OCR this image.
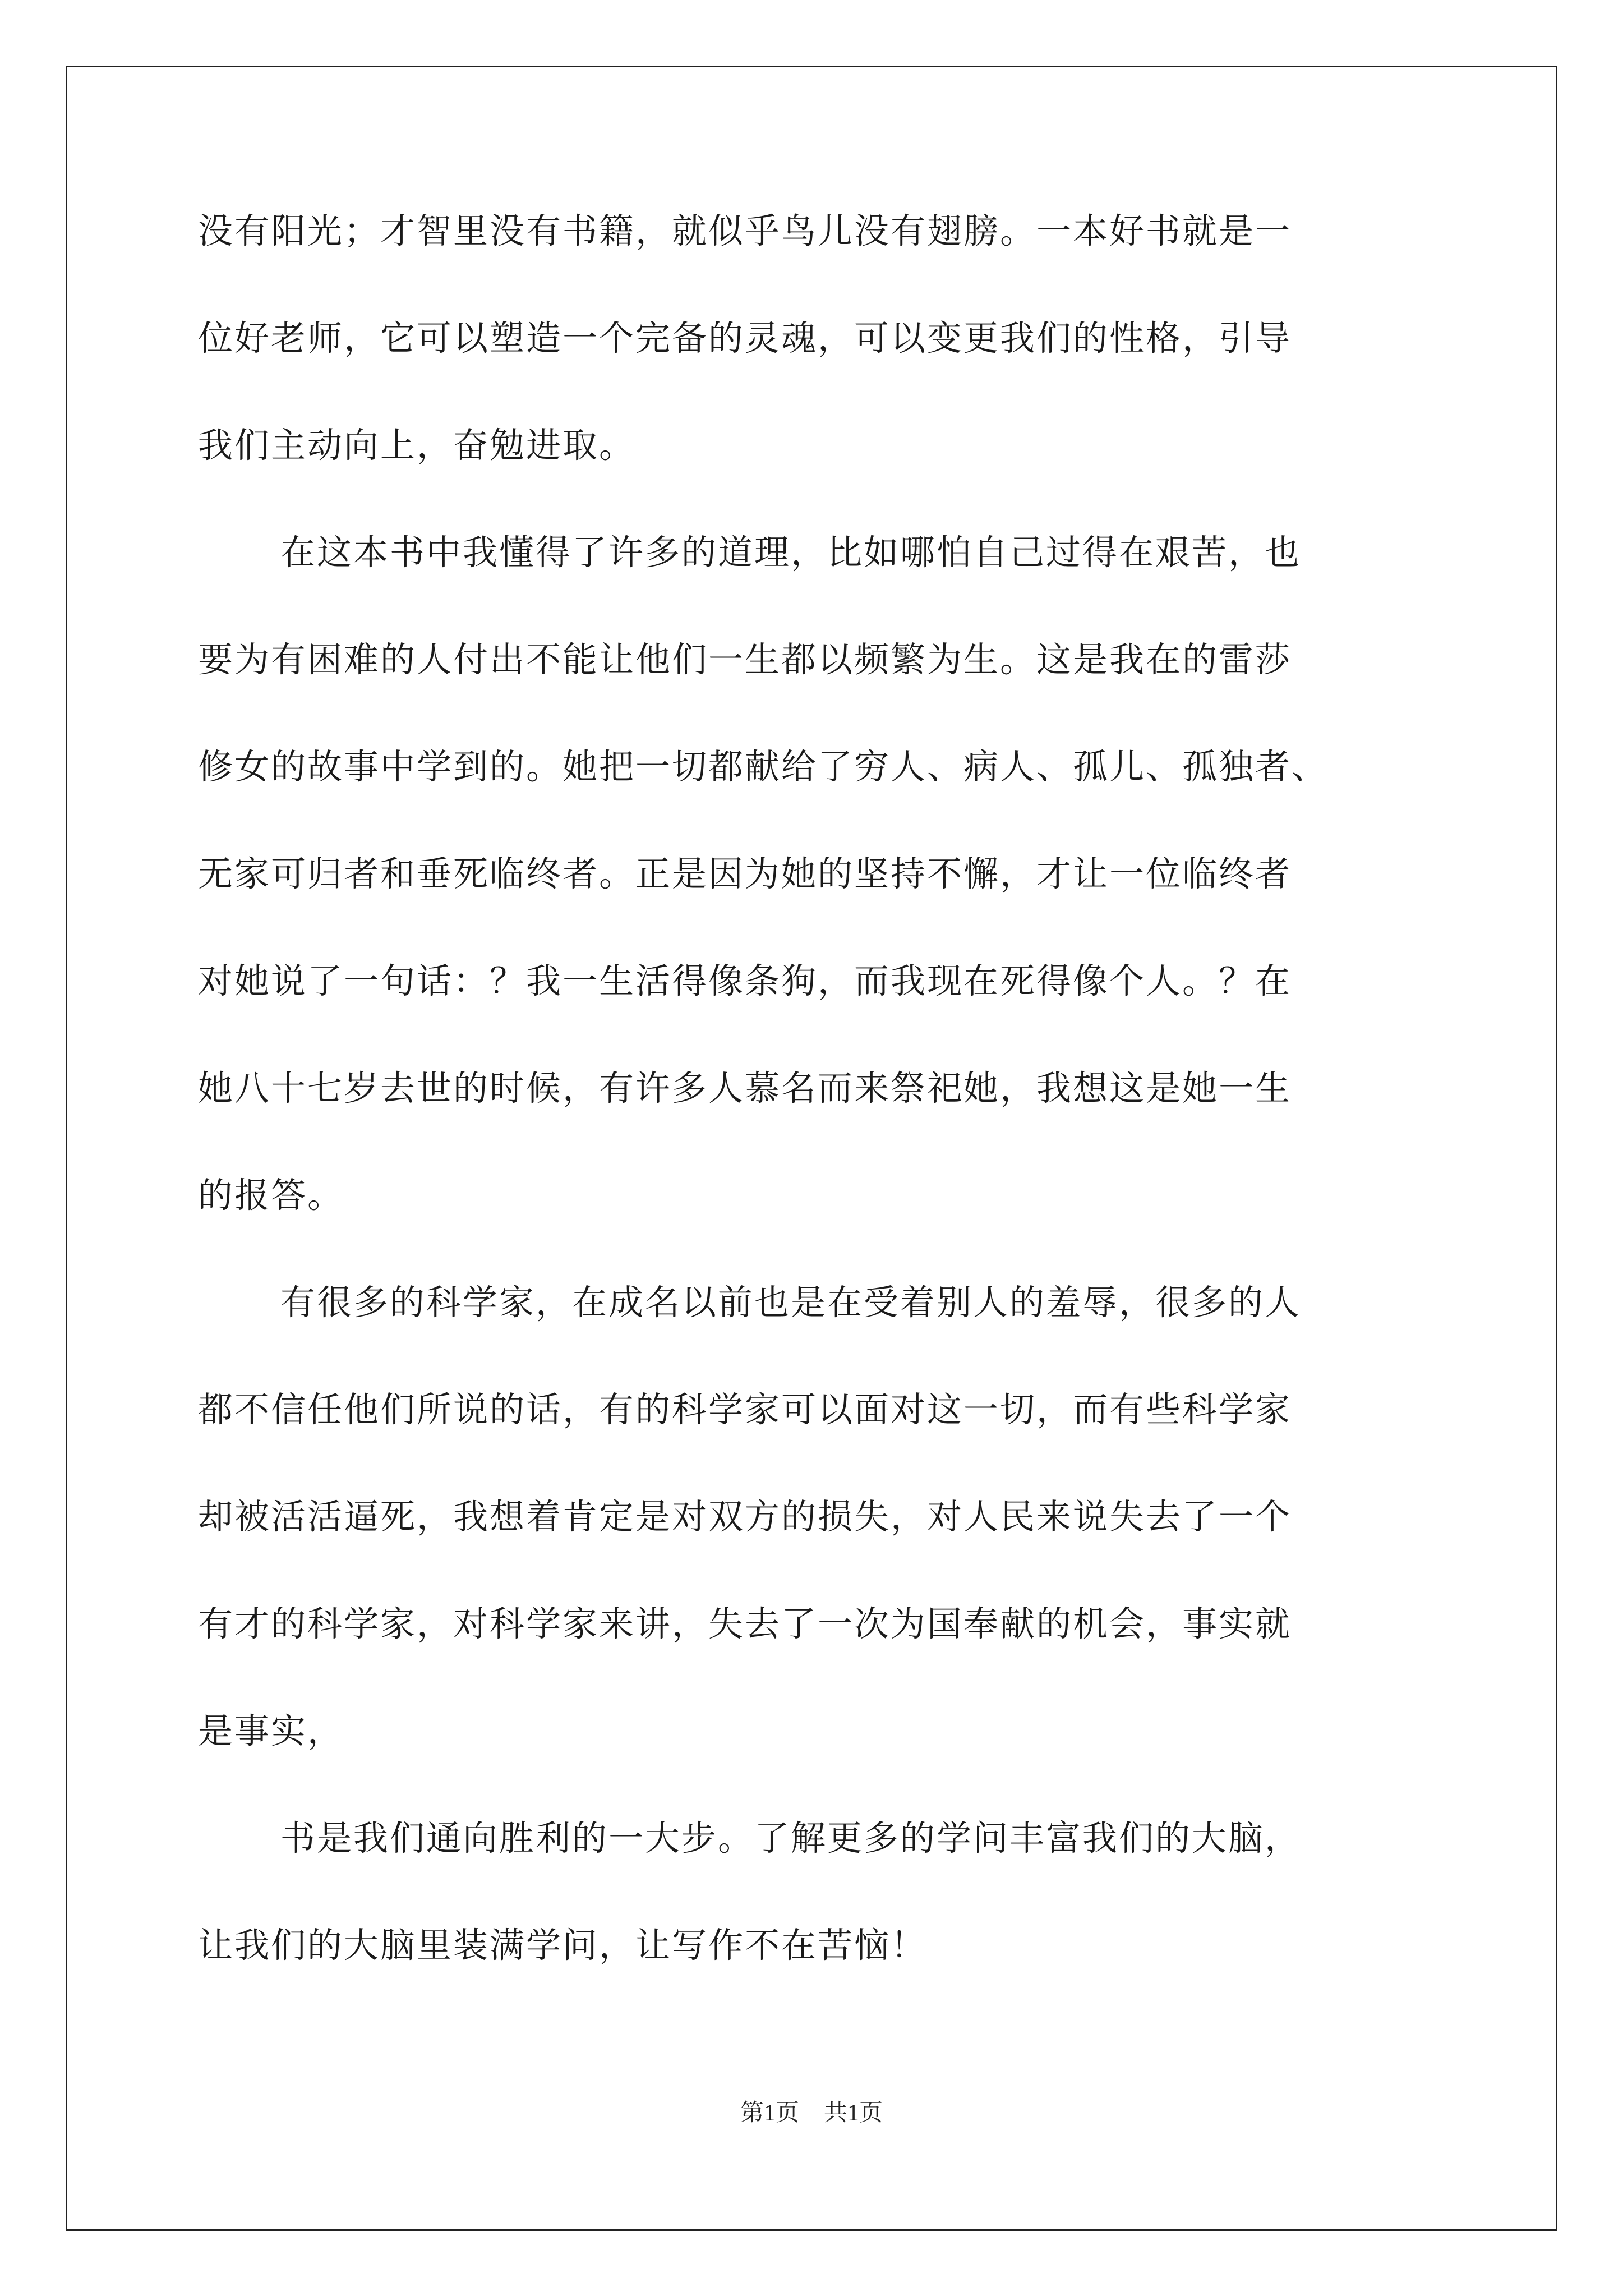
没有阳光；才智里没有书籍，就似乎鸟儿没有翅膀。一本好书就是一
位好老师，它可以塑造一个完备的灵魂，可以变更我们的性格，引导
我们主动向上，奋勉进取。
在这本书中我懂得了许多的道理，比如哪怕自己过得在艰苦，也
要为有困难的人付出不能让他们一生都以频繁为生。这是我在的雷莎
修女的故事中学到的。她把一切都献给了穷人、病人、孤儿、孤独者、
无家可归者和垂死临终者。正是因为她的坚持不懈，才让一位临终者
对她说了一句话：？我一生活得像条狗，而我现在死得像个人。？在
她八十七岁去世的时候，有许多人慕名而来祭祀她，我想这是她一生
的报答。
有很多的科学家，在成名以前也是在受着别人的羞辱，很多的人
都不信任他们所说的话，有的科学家可以面对这一切，而有些科学家
却被活活逼死，我想着肯定是对双方的损失，对人民来说失去了一个
有才的科学家，对科学家来讲，失去了一次为国奉献的机会，事实就
是事实，
书是我们通向胜利的一大步。了解更多的学问丰富我们的大脑，
让我们的大脑里装满学问，让写作不在苦恼！
第1页 共1页
